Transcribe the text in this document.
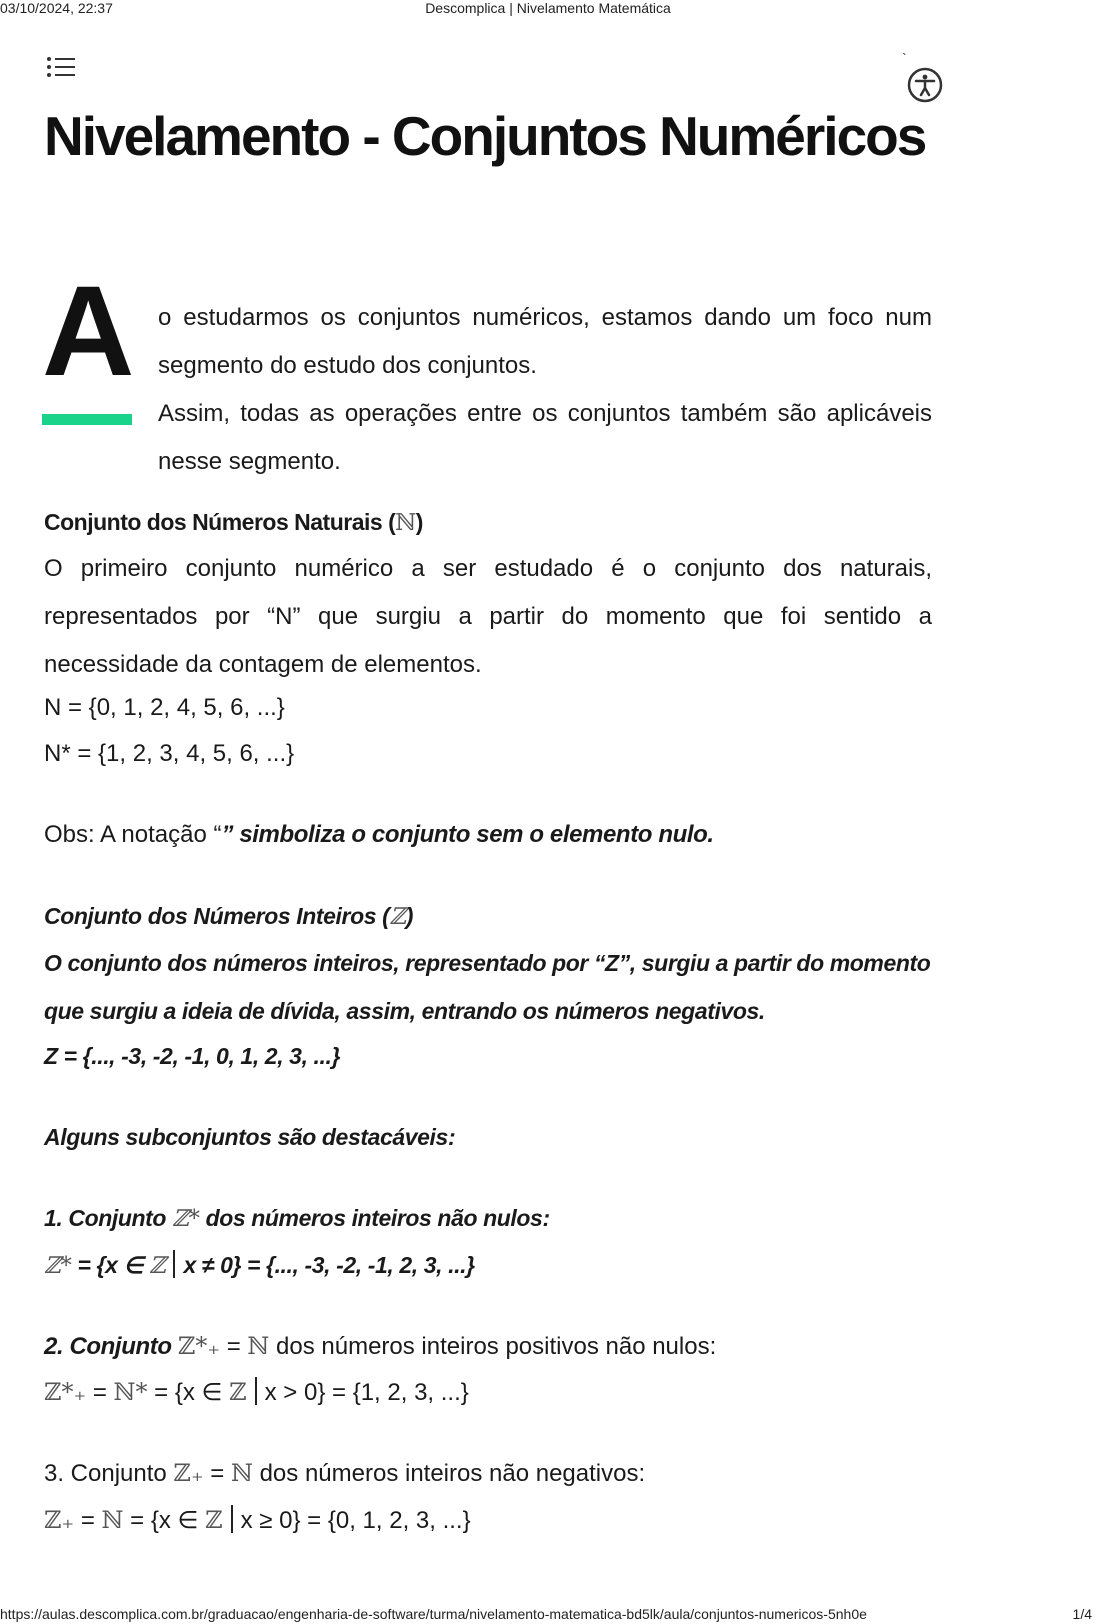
03/10/2024, 22:37	Descomplica | Nivelamento Matemática
`
Nivelamento - Conjuntos Numéricos
A o estudarmos os conjuntos numéricos, estamos dando um foco num segmento do estudo dos conjuntos.
Assim, todas as operações entre os conjuntos também são aplicáveis nesse segmento.
Conjunto dos Números Naturais (ℕ)
O primeiro conjunto numérico a ser estudado é o conjunto dos naturais, representados por “N” que surgiu a partir do momento que foi sentido a necessidade da contagem de elementos.
N = {0, 1, 2, 4, 5, 6, ...}
N* = {1, 2, 3, 4, 5, 6, ...}
Obs: A notação “” simboliza o conjunto sem o elemento nulo.
Conjunto dos Números Inteiros (ℤ)
O conjunto dos números inteiros, representado por “Z”, surgiu a partir do momento que surgiu a ideia de dívida, assim, entrando os números negativos.
Z = {..., -3, -2, -1, 0, 1, 2, 3, ...}
Alguns subconjuntos são destacáveis:
1. Conjunto ℤ* dos números inteiros não nulos:
ℤ* = {x ∈ ℤ x ≠ 0} = {..., -3, -2, -1, 2, 3, ...}
2. Conjunto ℤ*₊ = ℕ dos números inteiros positivos não nulos:
ℤ*₊ = ℕ* = {x ∈ ℤ x > 0} = {1, 2, 3, ...}
3. Conjunto ℤ₊ = ℕ dos números inteiros não negativos:
ℤ₊ = ℕ = {x ∈ ℤ x ≥ 0} = {0, 1, 2, 3, ...}
https://aulas.descomplica.com.br/graduacao/engenharia-de-software/turma/nivelamento-matematica-bd5lk/aula/conjuntos-numericos-5nh0e	1/4
